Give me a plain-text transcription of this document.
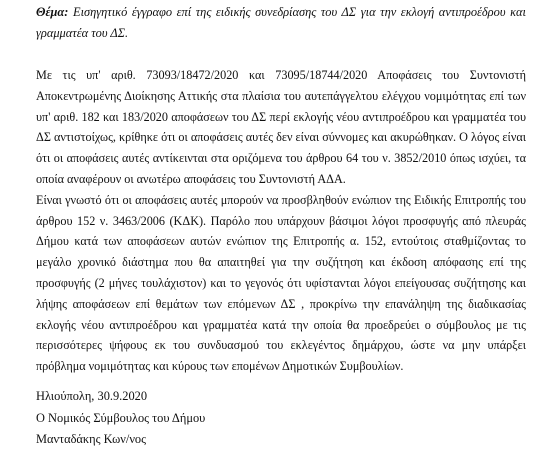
Θέμα: Εισηγητικό έγγραφο επί της ειδικής συνεδρίασης του ΔΣ για την εκλογή αντιπροέδρου και γραμματέα του ΔΣ.

Με τις υπ' αριθ. 73093/18472/2020 και 73095/18744/2020 Αποφάσεις του Συντονιστή Αποκεντρωμένης Διοίκησης Αττικής στα πλαίσια του αυτεπάγγελτου ελέγχου νομιμότητας επί των υπ' αριθ. 182 και 183/2020 αποφάσεων του ΔΣ περί εκλογής νέου αντιπροέδρου και γραμματέα του ΔΣ αντιστοίχως, κρίθηκε ότι οι αποφάσεις αυτές δεν είναι σύννομες και ακυρώθηκαν. Ο λόγος είναι ότι οι αποφάσεις αυτές αντίκεινται στα οριζόμενα του άρθρου 64 του ν. 3852/2010 όπως ισχύει, τα οποία αναφέρουν οι ανωτέρω αποφάσεις του Συντονιστή ΑΔΑ.

Είναι γνωστό ότι οι αποφάσεις αυτές μπορούν να προσβληθούν ενώπιον της Ειδικής Επιτροπής του άρθρου 152 ν. 3463/2006 (ΚΔΚ). Παρόλο που υπάρχουν βάσιμοι λόγοι προσφυγής από πλευράς Δήμου κατά των αποφάσεων αυτών ενώπιον της Επιτροπής α. 152, εντούτοις σταθμίζοντας το μεγάλο χρονικό διάστημα που θα απαιτηθεί για την συζήτηση και έκδοση απόφασης επί της προσφυγής (2 μήνες τουλάχιστον) και το γεγονός ότι υφίστανται λόγοι επείγουσας συζήτησης και λήψης αποφάσεων επί θεμάτων των επόμενων ΔΣ , προκρίνω την επανάληψη της διαδικασίας εκλογής νέου αντιπροέδρου και γραμματέα κατά την οποία θα προεδρεύει ο σύμβουλος με τις περισσότερες ψήφους εκ του συνδυασμού του εκλεγέντος δημάρχου, ώστε να μην υπάρξει πρόβλημα νομιμότητας και κύρους των επομένων Δημοτικών Συμβουλίων.

Ηλιούπολη, 30.9.2020
Ο Νομικός Σύμβουλος του Δήμου
Μανταδάκης Κων/νος
